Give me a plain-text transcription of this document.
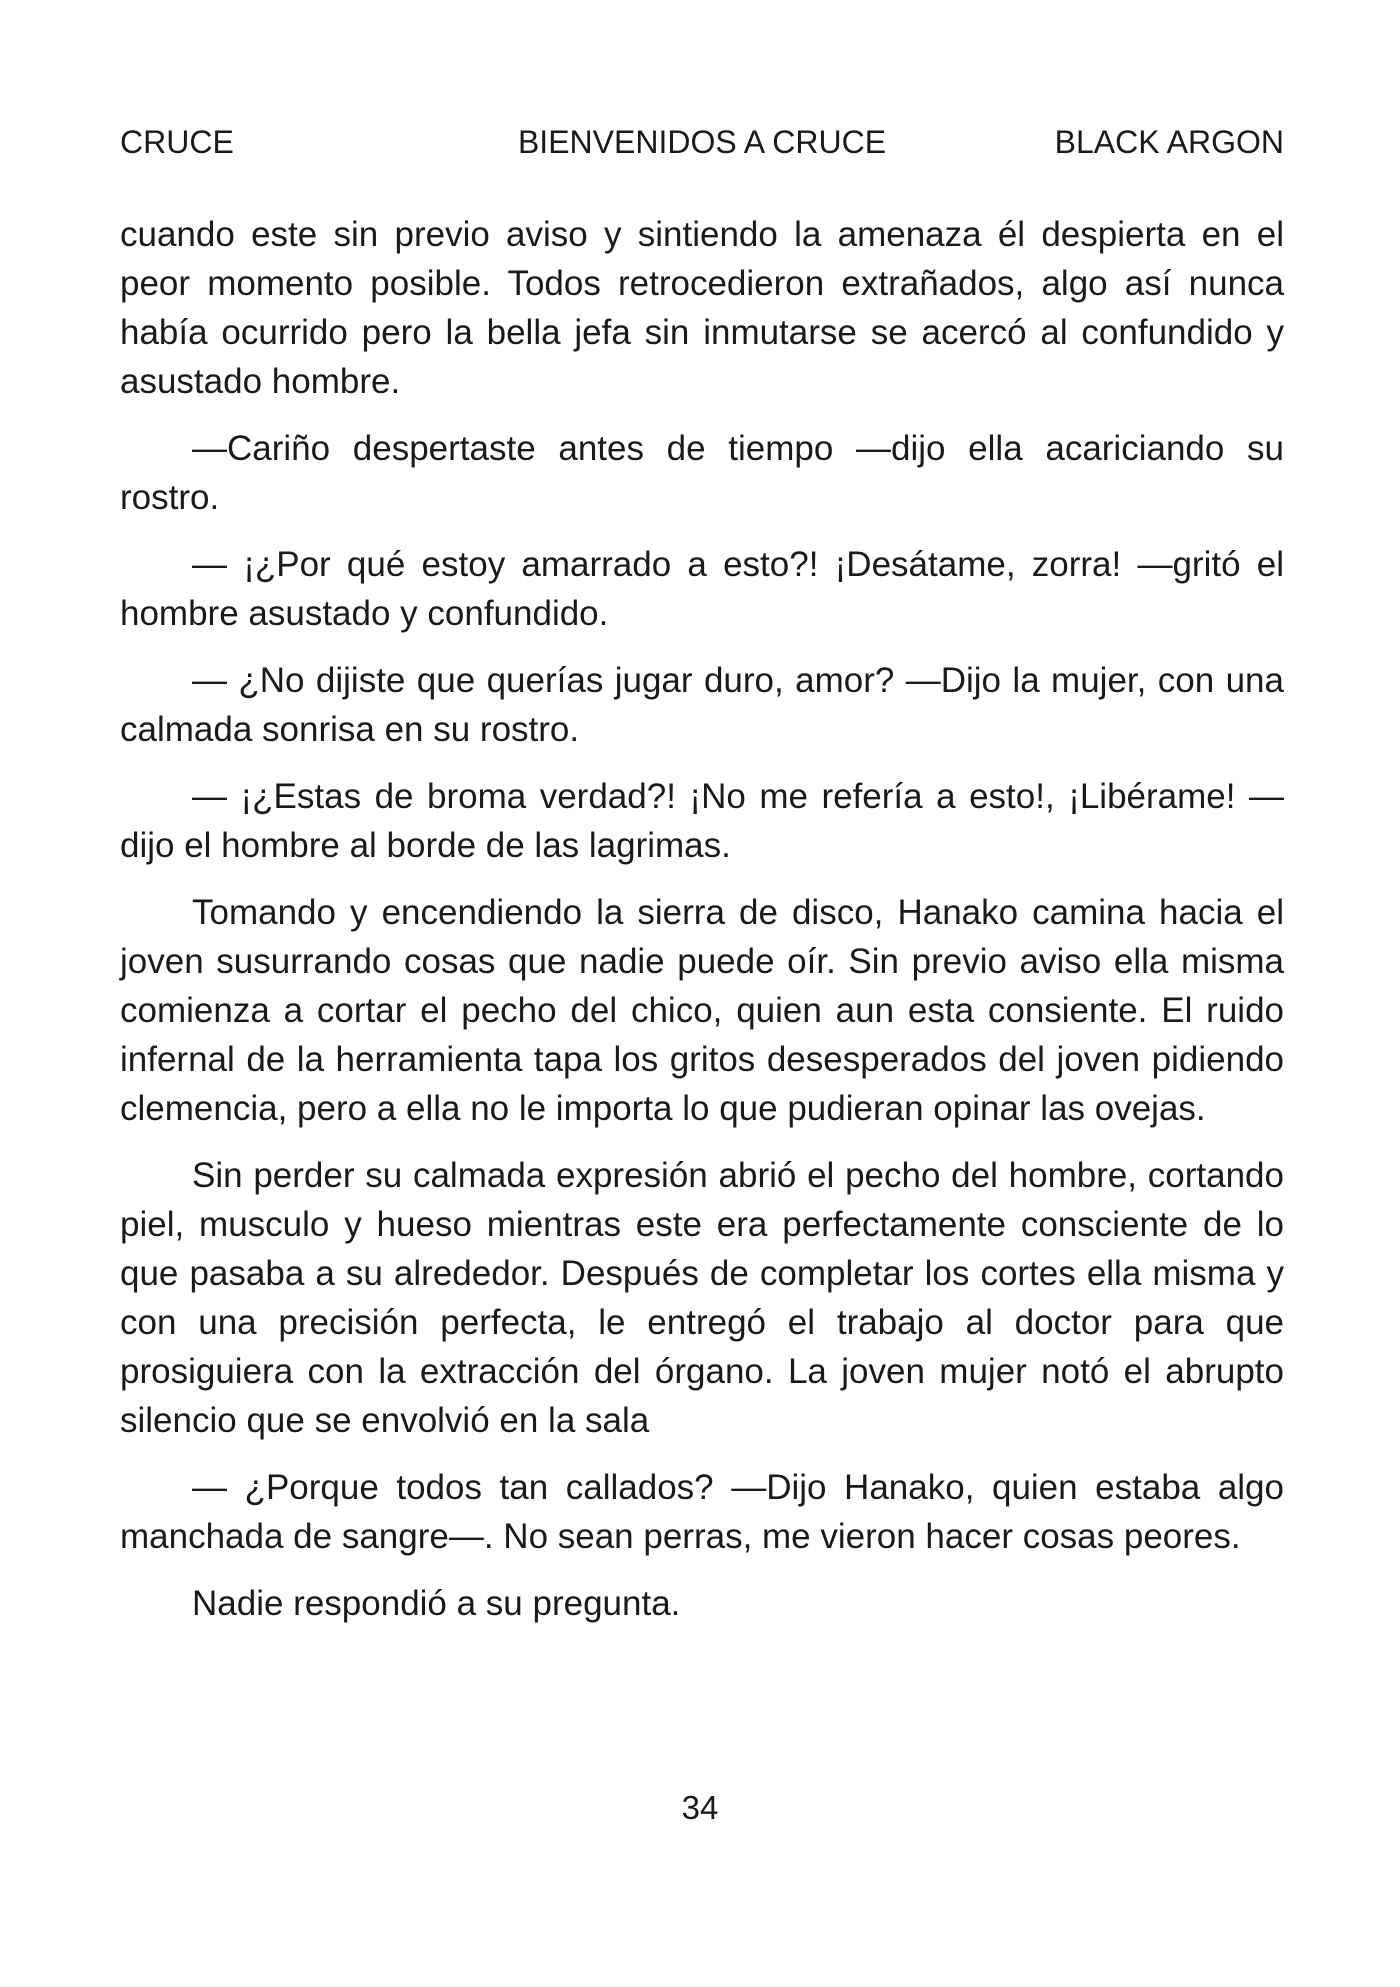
BIENVENIDOS A CRUCE
CRUCE	BLACK ARGON

cuando este sin previo aviso y sintiendo la amenaza él despierta en el peor momento posible. Todos retrocedieron extrañados, algo así nunca había ocurrido pero la bella jefa sin inmutarse se acercó al confundido y asustado hombre.

—Cariño despertaste antes de tiempo —dijo ella acariciando su rostro.

— ¡¿Por qué estoy amarrado a esto?! ¡Desátame, zorra! —gritó el hombre asustado y confundido.

— ¿No dijiste que querías jugar duro, amor? —Dijo la mujer, con una calmada sonrisa en su rostro.

— ¡¿Estas de broma verdad?! ¡No me refería a esto!, ¡Libérame! —dijo el hombre al borde de las lagrimas.

Tomando y encendiendo la sierra de disco, Hanako camina hacia el joven susurrando cosas que nadie puede oír. Sin previo aviso ella misma comienza a cortar el pecho del chico, quien aun esta consiente. El ruido infernal de la herramienta tapa los gritos desesperados del joven pidiendo clemencia, pero a ella no le importa lo que pudieran opinar las ovejas.

Sin perder su calmada expresión abrió el pecho del hombre, cortando piel, musculo y hueso mientras este era perfectamente consciente de lo que pasaba a su alrededor. Después de completar los cortes ella misma y con una precisión perfecta, le entregó el trabajo al doctor para que prosiguiera con la extracción del órgano. La joven mujer notó el abrupto silencio que se envolvió en la sala

— ¿Porque todos tan callados? —Dijo Hanako, quien estaba algo manchada de sangre—. No sean perras, me vieron hacer cosas peores.

Nadie respondió a su pregunta.

34
